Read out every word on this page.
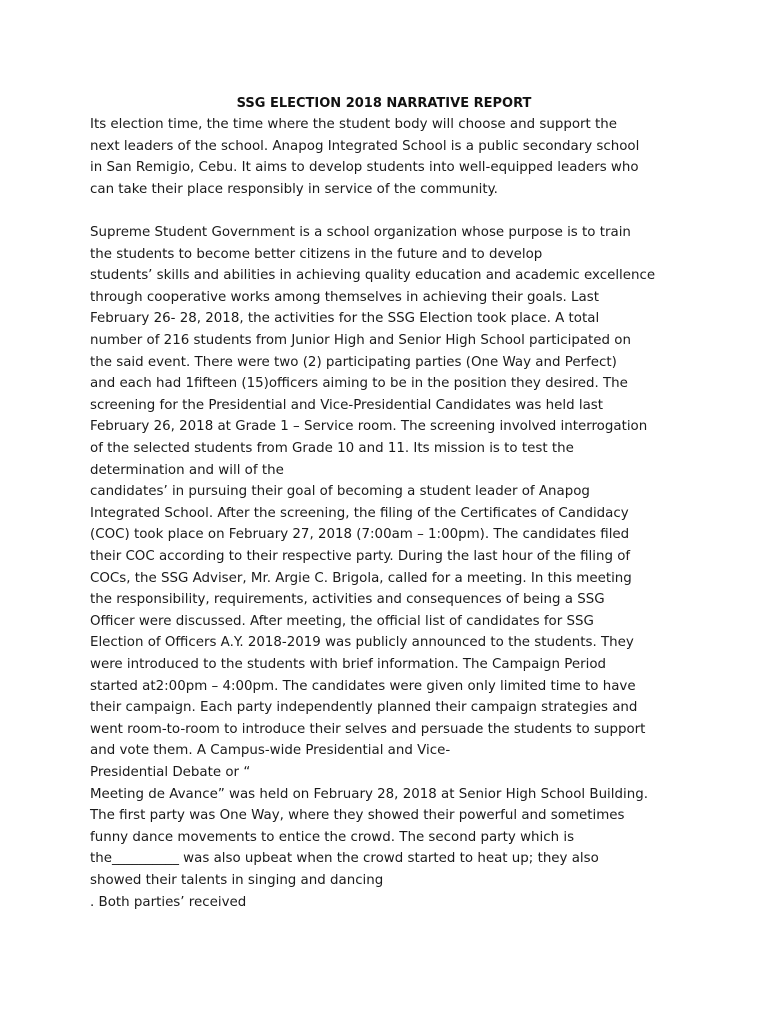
SSG ELECTION 2018 NARRATIVE REPORT
Its election time, the time where the student body will choose and support the
next leaders of the school. Anapog Integrated School is a public secondary school
in San Remigio, Cebu. It aims to develop students into well-equipped leaders who
can take their place responsibly in service of the community.
Supreme Student Government is a school organization whose purpose is to train
the students to become better citizens in the future and to develop
students’ skills and abilities in achieving quality education and academic excellence
through cooperative works among themselves in achieving their goals. Last
February 26- 28, 2018, the activities for the SSG Election took place. A total
number of 216 students from Junior High and Senior High School participated on
the said event. There were two (2) participating parties (One Way and Perfect)
and each had 1fifteen (15)officers aiming to be in the position they desired. The
screening for the Presidential and Vice-Presidential Candidates was held last
February 26, 2018 at Grade 1 – Service room. The screening involved interrogation
of the selected students from Grade 10 and 11. Its mission is to test the
determination and will of the
candidates’ in pursuing their goal of becoming a student leader of Anapog
Integrated School. After the screening, the filing of the Certificates of Candidacy
(COC) took place on February 27, 2018 (7:00am – 1:00pm). The candidates filed
their COC according to their respective party. During the last hour of the filing of
COCs, the SSG Adviser, Mr. Argie C. Brigola, called for a meeting. In this meeting
the responsibility, requirements, activities and consequences of being a SSG
Officer were discussed. After meeting, the official list of candidates for SSG
Election of Officers A.Y. 2018-2019 was publicly announced to the students. They
were introduced to the students with brief information. The Campaign Period
started at2:00pm – 4:00pm. The candidates were given only limited time to have
their campaign. Each party independently planned their campaign strategies and
went room-to-room to introduce their selves and persuade the students to support
and vote them. A Campus-wide Presidential and Vice-
Presidential Debate or “
Meeting de Avance” was held on February 28, 2018 at Senior High School Building.
The first party was One Way, where they showed their powerful and sometimes
funny dance movements to entice the crowd. The second party which is
the__________ was also upbeat when the crowd started to heat up; they also
showed their talents in singing and dancing
. Both parties’ received
